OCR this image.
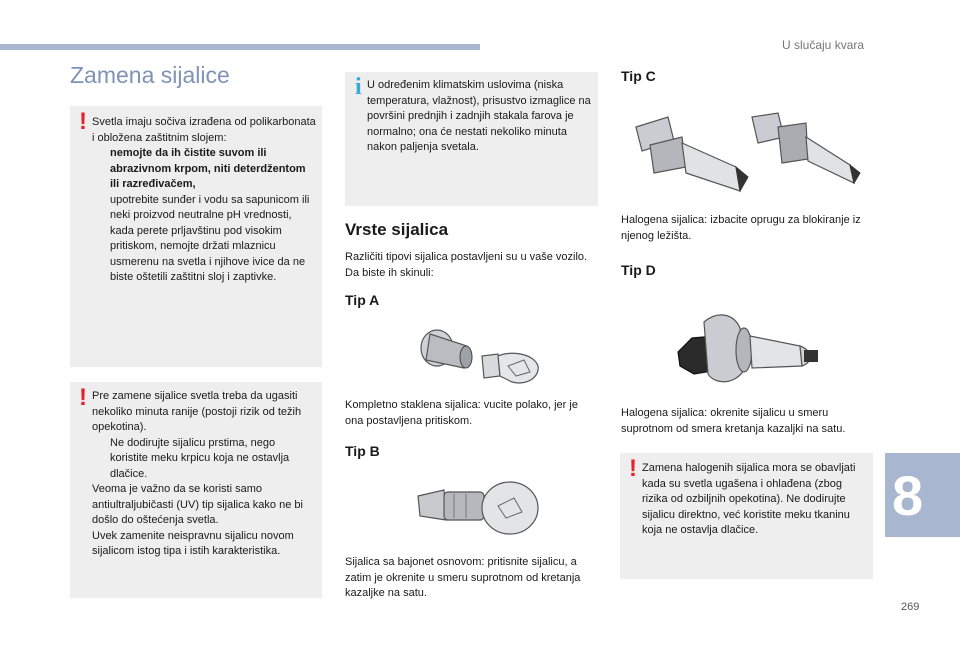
U slučaju kvara
8
269
Zamena sijalice
! Svetla imaju sočiva izrađena od polikarbonata i obložena zaštitnim slojem:
nemojte da ih čistite suvom ili abrazivnom krpom, niti deterdžentom ili razređivačem,
upotrebite sunđer i vodu sa sapunicom ili neki proizvod neutralne pH vrednosti,
kada perete prljavštinu pod visokim pritiskom, nemojte držati mlaznicu usmerenu na svetla i njihove ivice da ne biste oštetili zaštitni sloj i zaptivke.
! Pre zamene sijalice svetla treba da ugasiti nekoliko minuta ranije (postoji rizik od težih opekotina).
Ne dodirujte sijalicu prstima, nego koristite meku krpicu koja ne ostavlja dlačice.
Veoma je važno da se koristi samo antiultraljubičasti (UV) tip sijalica kako ne bi došlo do oštećenja svetla.
Uvek zamenite neispravnu sijalicu novom sijalicom istog tipa i istih karakteristika.
i U određenim klimatskim uslovima (niska temperatura, vlažnost), prisustvo izmaglice na površini prednjih i zadnjih stakala farova je normalno; ona će nestati nekoliko minuta nakon paljenja svetala.
Vrste sijalica
Različiti tipovi sijalica postavljeni su u vaše vozilo. Da biste ih skinuli:
Tip A
Kompletno staklena sijalica: vucite polako, jer je ona postavljena pritiskom.
Tip B
Sijalica sa bajonet osnovom: pritisnite sijalicu, a zatim je okrenite u smeru suprotnom od kretanja kazaljke na satu.
Tip C
Halogena sijalica: izbacite oprugu za blokiranje iz njenog ležišta.
Tip D
Halogena sijalica: okrenite sijalicu u smeru suprotnom od smera kretanja kazaljki na satu.
! Zamena halogenih sijalica mora se obavljati kada su svetla ugašena i ohlađena (zbog rizika od ozbiljnih opekotina). Ne dodirujte sijalicu direktno, već koristite meku tkaninu koja ne ostavlja dlačice.
